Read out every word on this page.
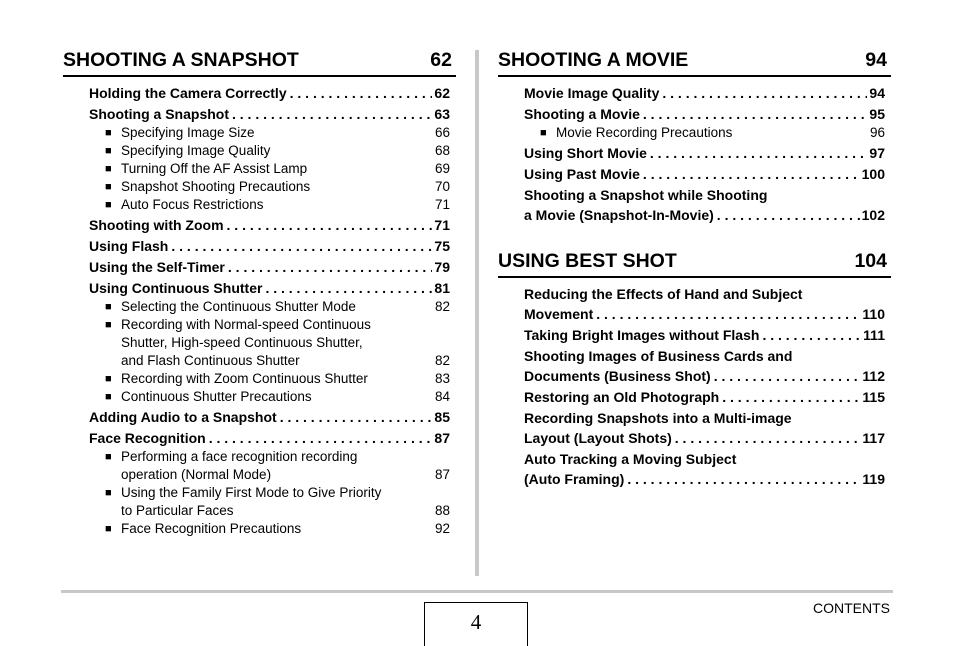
SHOOTING A SNAPSHOT	62
Holding the Camera Correctly . . .	62
Shooting a Snapshot . . .	63
■ Specifying Image Size	66
■ Specifying Image Quality	68
■ Turning Off the AF Assist Lamp	69
■ Snapshot Shooting Precautions	70
■ Auto Focus Restrictions	71
Shooting with Zoom . . .	71
Using Flash . . .	75
Using the Self-Timer . . .	79
Using Continuous Shutter . . .	81
■ Selecting the Continuous Shutter Mode	82
■ Recording with Normal-speed Continuous
Shutter, High-speed Continuous Shutter,
and Flash Continuous Shutter	82
■ Recording with Zoom Continuous Shutter	83
■ Continuous Shutter Precautions	84
Adding Audio to a Snapshot . . .	85
Face Recognition . . .	87
■ Performing a face recognition recording
operation (Normal Mode)	87
■ Using the Family First Mode to Give Priority
to Particular Faces	88
■ Face Recognition Precautions	92
SHOOTING A MOVIE	94
Movie Image Quality . . .	94
Shooting a Movie . . .	95
■ Movie Recording Precautions	96
Using Short Movie . . .	97
Using Past Movie . . .	100
Shooting a Snapshot while Shooting
a Movie (Snapshot-In-Movie) . . .	102
USING BEST SHOT	104
Reducing the Effects of Hand and Subject
Movement . . .	110
Taking Bright Images without Flash . . .	111
Shooting Images of Business Cards and
Documents (Business Shot) . . .	112
Restoring an Old Photograph . . .	115
Recording Snapshots into a Multi-image
Layout (Layout Shots) . . .	117
Auto Tracking a Moving Subject
(Auto Framing) . . .	119
4
CONTENTS
